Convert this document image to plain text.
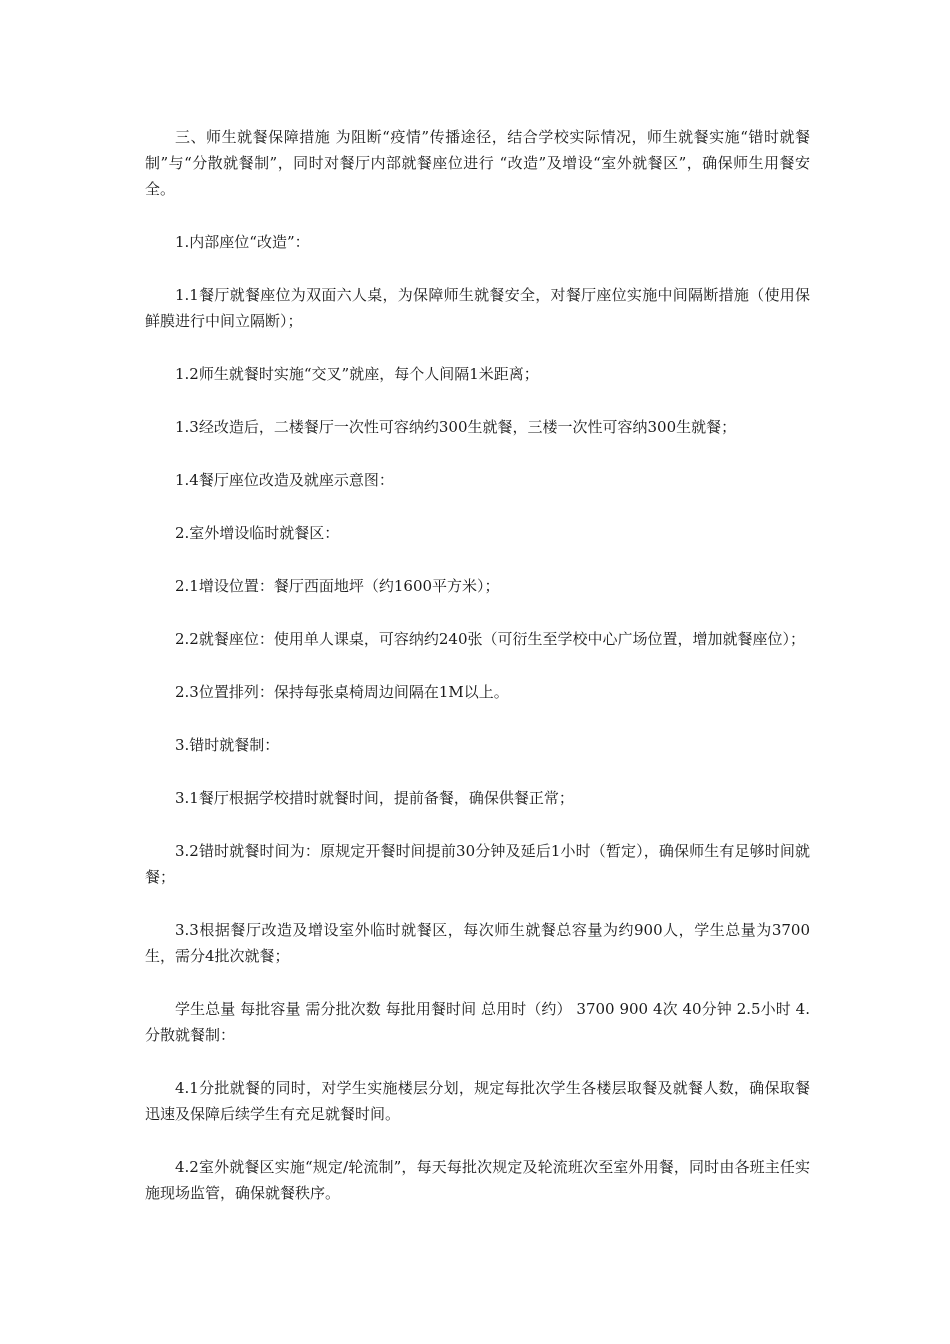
三、师生就餐保障措施 为阻断“疫情”传播途径，结合学校实际情况，师生就餐实施“错时就餐制”与“分散就餐制”，同时对餐厅内部就餐座位进行 “改造”及增设“室外就餐区”，确保师生用餐安全。

1.内部座位“改造”：

1.1餐厅就餐座位为双面六人桌，为保障师生就餐安全，对餐厅座位实施中间隔断措施（使用保鲜膜进行中间立隔断）；

1.2师生就餐时实施“交叉”就座，每个人间隔1米距离；

1.3经改造后，二楼餐厅一次性可容纳约300生就餐，三楼一次性可容纳300生就餐；

1.4餐厅座位改造及就座示意图：

2.室外增设临时就餐区：

2.1增设位置：餐厅西面地坪（约1600平方米）；

2.2就餐座位：使用单人课桌，可容纳约240张（可衍生至学校中心广场位置，增加就餐座位）；

2.3位置排列：保持每张桌椅周边间隔在1M以上。

3.错时就餐制：

3.1餐厅根据学校措时就餐时间，提前备餐，确保供餐正常；

3.2错时就餐时间为：原规定开餐时间提前30分钟及延后1小时（暂定），确保师生有足够时间就餐；

3.3根据餐厅改造及增设室外临时就餐区，每次师生就餐总容量为约900人，学生总量为3700生，需分4批次就餐；

学生总量 每批容量 需分批次数 每批用餐时间 总用时（约） 3700 900 4次 40分钟 2.5小时 4.分散就餐制：

4.1分批就餐的同时，对学生实施楼层分划，规定每批次学生各楼层取餐及就餐人数，确保取餐迅速及保障后续学生有充足就餐时间。

4.2室外就餐区实施“规定/轮流制”，每天每批次规定及轮流班次至室外用餐，同时由各班主任实施现场监管，确保就餐秩序。
